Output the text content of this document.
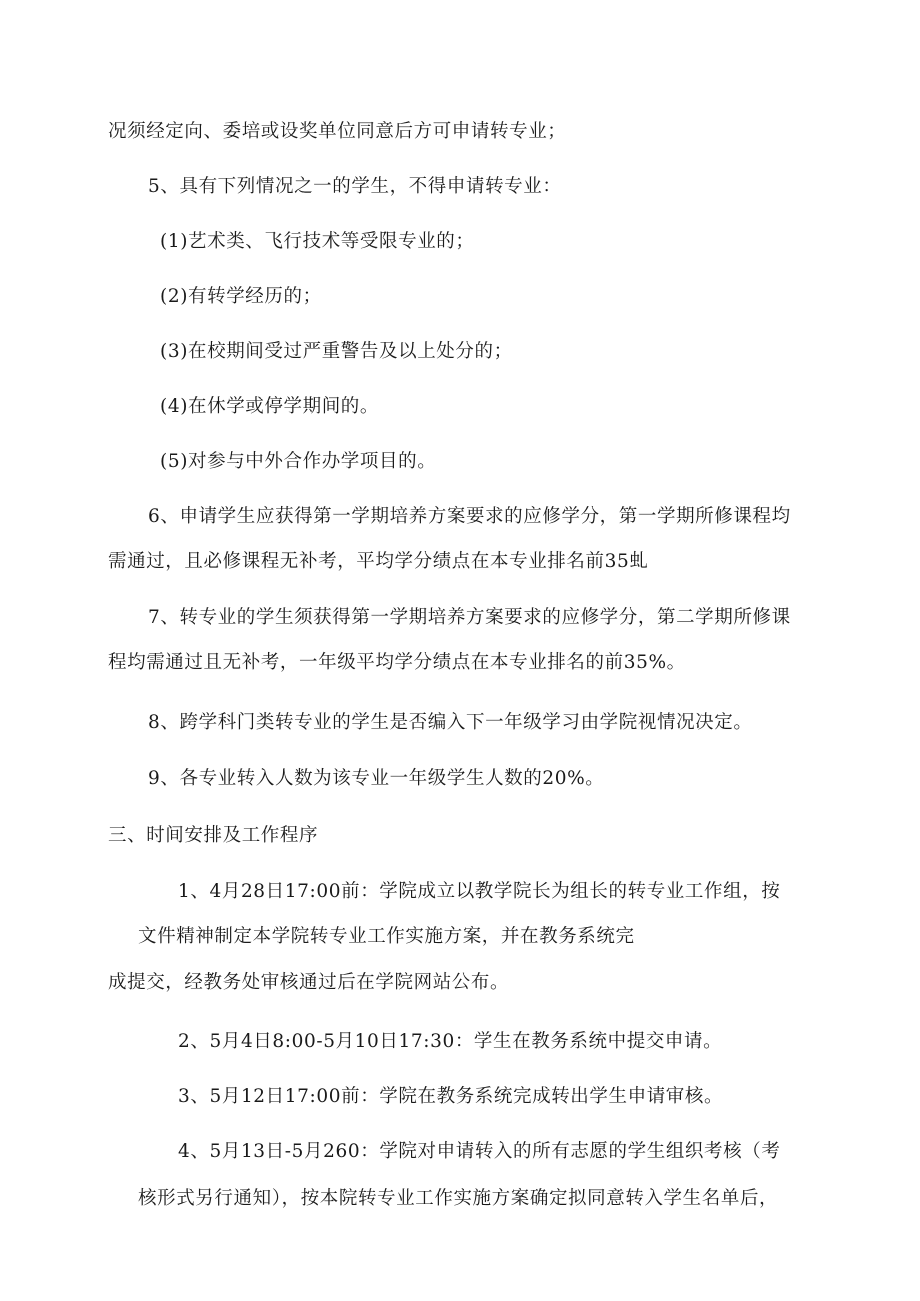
况须经定向、委培或设奖单位同意后方可申请转专业；
5、具有下列情况之一的学生，不得申请转专业：
(1)艺术类、飞行技术等受限专业的；
(2)有转学经历的；
(3)在校期间受过严重警告及以上处分的；
(4)在休学或停学期间的。
(5)对参与中外合作办学项目的。
6、申请学生应获得第一学期培养方案要求的应修学分，第一学期所修课程均
需通过，且必修课程无补考，平均学分绩点在本专业排名前35虬
7、转专业的学生须获得第一学期培养方案要求的应修学分，第二学期所修课
程均需通过且无补考，一年级平均学分绩点在本专业排名的前35%。
8、跨学科门类转专业的学生是否编入下一年级学习由学院视情况决定。
9、各专业转入人数为该专业一年级学生人数的20%。
三、时间安排及工作程序
1、4月28日17:00前：学院成立以教学院长为组长的转专业工作组，按
文件精神制定本学院转专业工作实施方案，并在教务系统完
成提交，经教务处审核通过后在学院网站公布。
2、5月4日8:00-5月10日17:30：学生在教务系统中提交申请。
3、5月12日17:00前：学院在教务系统完成转出学生申请审核。
4、5月13日-5月260：学院对申请转入的所有志愿的学生组织考核（考
核形式另行通知），按本院转专业工作实施方案确定拟同意转入学生名单后，
